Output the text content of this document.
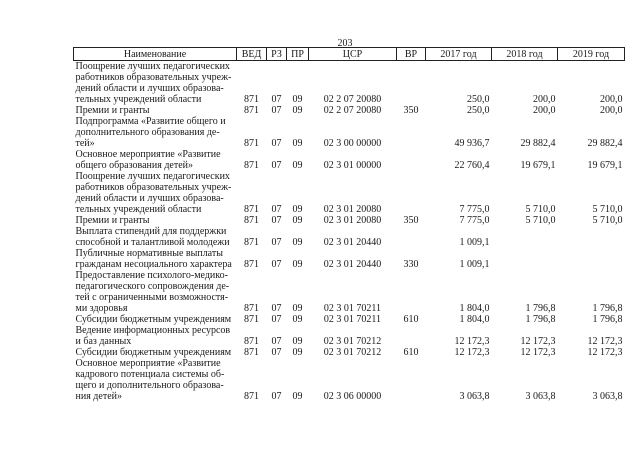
203
Наименование	ВЕД	РЗ	ПР	ЦСР	ВР	2017 год	2018 год	2019 год
Поощрение лучших педагогических работников образовательных учреж-дений области и лучших образова-тельных учреждений области	871	07	09	02 2 07 20080		250,0	200,0	200,0
Премии и гранты	871	07	09	02 2 07 20080	350	250,0	200,0	200,0
Подпрограмма «Развитие общего и дополнительного образования де-тей»	871	07	09	02 3 00 00000		49 936,7	29 882,4	29 882,4
Основное мероприятие «Развитие общего образования детей»	871	07	09	02 3 01 00000		22 760,4	19 679,1	19 679,1
Поощрение лучших педагогических работников образовательных учреж-дений области и лучших образова-тельных учреждений области	871	07	09	02 3 01 20080		7 775,0	5 710,0	5 710,0
Премии и гранты	871	07	09	02 3 01 20080	350	7 775,0	5 710,0	5 710,0
Выплата стипендий для поддержки способной и талантливой молодежи	871	07	09	02 3 01 20440		1 009,1		
Публичные нормативные выплаты гражданам несоциального характера	871	07	09	02 3 01 20440	330	1 009,1		
Предоставление психолого-медико-педагогического сопровождения де-тей с ограниченными возможностя-ми здоровья	871	07	09	02 3 01 70211		1 804,0	1 796,8	1 796,8
Субсидии бюджетным учреждениям	871	07	09	02 3 01 70211	610	1 804,0	1 796,8	1 796,8
Ведение информационных ресурсов и баз данных	871	07	09	02 3 01 70212		12 172,3	12 172,3	12 172,3
Субсидии бюджетным учреждениям	871	07	09	02 3 01 70212	610	12 172,3	12 172,3	12 172,3
Основное мероприятие «Развитие кадрового потенциала системы об-щего и дополнительного образова-ния детей»	871	07	09	02 3 06 00000		3 063,8	3 063,8	3 063,8
